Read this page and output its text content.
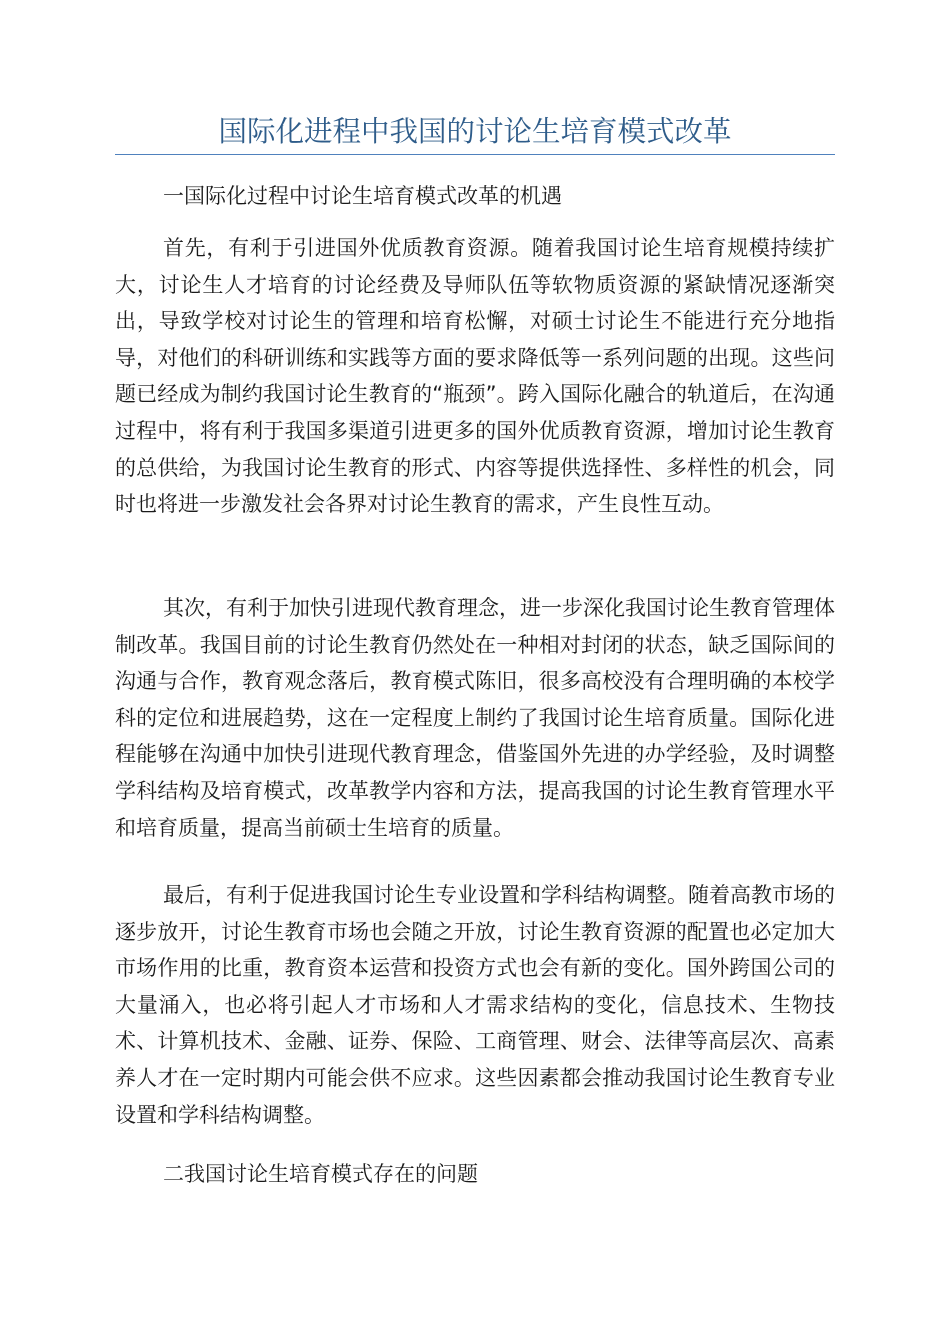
国际化进程中我国的讨论生培育模式改革
一国际化过程中讨论生培育模式改革的机遇
首先，有利于引进国外优质教育资源。随着我国讨论生培育规模持续扩大，讨论生人才培育的讨论经费及导师队伍等软物质资源的紧缺情况逐渐突出，导致学校对讨论生的管理和培育松懈，对硕士讨论生不能进行充分地指导，对他们的科研训练和实践等方面的要求降低等一系列问题的出现。这些问题已经成为制约我国讨论生教育的“瓶颈”。跨入国际化融合的轨道后，在沟通过程中，将有利于我国多渠道引进更多的国外优质教育资源，增加讨论生教育的总供给，为我国讨论生教育的形式、内容等提供选择性、多样性的机会，同时也将进一步激发社会各界对讨论生教育的需求，产生良性互动。
其次，有利于加快引进现代教育理念，进一步深化我国讨论生教育管理体制改革。我国目前的讨论生教育仍然处在一种相对封闭的状态，缺乏国际间的沟通与合作，教育观念落后，教育模式陈旧，很多高校没有合理明确的本校学科的定位和进展趋势，这在一定程度上制约了我国讨论生培育质量。国际化进程能够在沟通中加快引进现代教育理念，借鉴国外先进的办学经验，及时调整学科结构及培育模式，改革教学内容和方法，提高我国的讨论生教育管理水平和培育质量，提高当前硕士生培育的质量。
最后，有利于促进我国讨论生专业设置和学科结构调整。随着高教市场的逐步放开，讨论生教育市场也会随之开放，讨论生教育资源的配置也必定加大市场作用的比重，教育资本运营和投资方式也会有新的变化。国外跨国公司的大量涌入，也必将引起人才市场和人才需求结构的变化，信息技术、生物技术、计算机技术、金融、证券、保险、工商管理、财会、法律等高层次、高素养人才在一定时期内可能会供不应求。这些因素都会推动我国讨论生教育专业设置和学科结构调整。
二我国讨论生培育模式存在的问题
